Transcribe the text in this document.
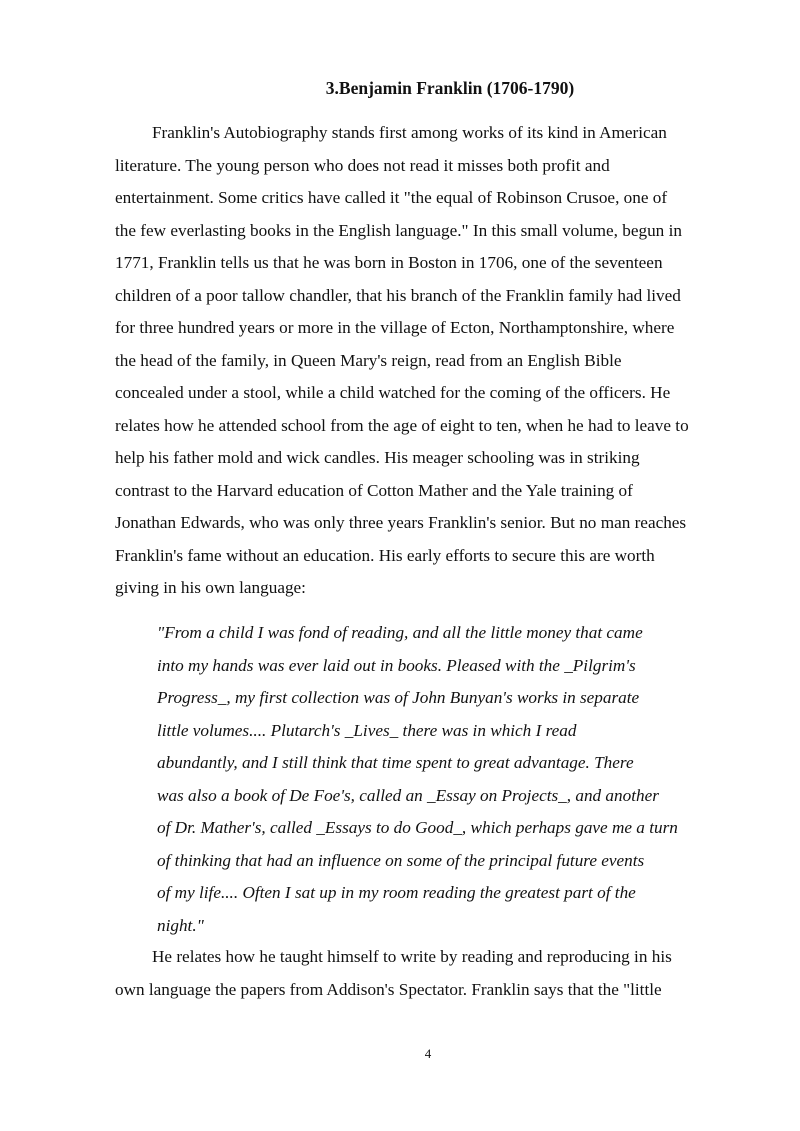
3.Benjamin Franklin (1706-1790)
Franklin's Autobiography stands first among works of its kind in American
literature. The young person who does not read it misses both profit and
entertainment. Some critics have called it "the equal of Robinson Crusoe, one of
the few everlasting books in the English language." In this small volume, begun in
1771, Franklin tells us that he was born in Boston in 1706, one of the seventeen
children of a poor tallow chandler, that his branch of the Franklin family had lived
for three hundred years or more in the village of Ecton, Northamptonshire, where
the head of the family, in Queen Mary's reign, read from an English Bible
concealed under a stool, while a child watched for the coming of the officers. He
relates how he attended school from the age of eight to ten, when he had to leave to
help his father mold and wick candles. His meager schooling was in striking
contrast to the Harvard education of Cotton Mather and the Yale training of
Jonathan Edwards, who was only three years Franklin's senior. But no man reaches
Franklin's fame without an education. His early efforts to secure this are worth
giving in his own language:
"From a child I was fond of reading, and all the little money that came
into my hands was ever laid out in books. Pleased with the _Pilgrim's
Progress_, my first collection was of John Bunyan's works in separate
little volumes.... Plutarch's _Lives_ there was in which I read
abundantly, and I still think that time spent to great advantage. There
was also a book of De Foe's, called an _Essay on Projects_, and another
of Dr. Mather's, called _Essays to do Good_, which perhaps gave me a turn
of thinking that had an influence on some of the principal future events
of my life.... Often I sat up in my room reading the greatest part of the
night."
He relates how he taught himself to write by reading and reproducing in his
own language the papers from Addison's Spectator. Franklin says that the "little
4
